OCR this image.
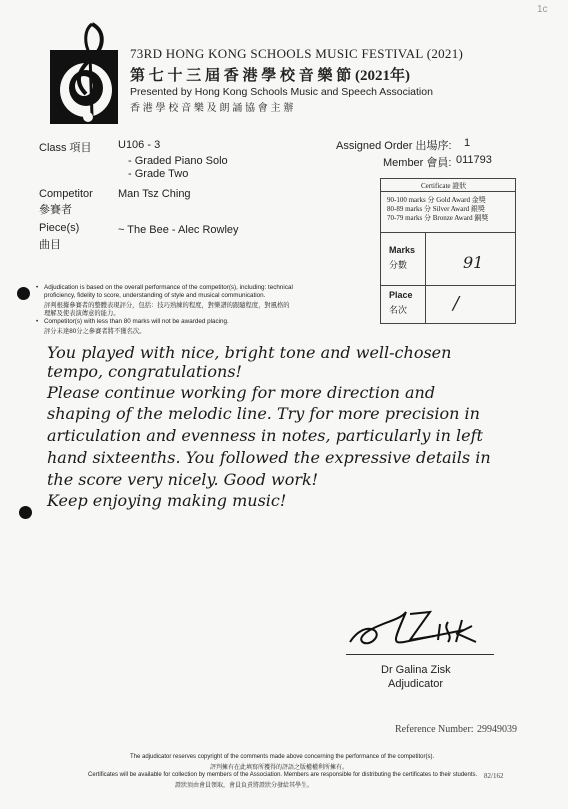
1c
73RD HONG KONG SCHOOLS MUSIC FESTIVAL (2021)
第 七 十 三 屆 香 港 學 校 音 樂 節 (2021年)
Presented by Hong Kong Schools Music and Speech Association
香 港 學 校 音 樂 及 朗 誦 協 會 主 辦
Class 項目 U106 - 3
- Graded Piano Solo
- Grade Two
Competitor
參賽者
Man Tsz Ching
Piece(s)
曲目
~ The Bee - Alec Rowley
Assigned Order 出場序: 1
Member 會員: 011793
Certificate 證狀
90-100 marks 分 Gold Award 金獎
80-89 marks 分 Silver Award 銀獎
70-79 marks 分 Bronze Award 銅獎
Marks
分數	91
Place
名次	/
• Adjudication is based on the overall performance of the competitor(s), including: technical
proficiency, fidelity to score, understanding of style and musical communication.
評判根據參賽者的整體表現評分，包括：技巧熟練的程度，對樂譜的跟隨程度，對風格的
理解及使表演傳意的能力。
• Competitor(s) with less than 80 marks will not be awarded placing.
評分未達80分之參賽者將不獲名次。
You played with nice, bright tone and well-chosen
tempo, congratulations!
Please continue working for more direction and
shaping of the melodic line. Try for more precision in
articulation and evenness in notes, particularly in left
hand sixteenths. You followed the expressive details in
the score very nicely. Good work!
Keep enjoying making music!
Dr Galina Zisk
Adjudicator
Reference Number: 29949039
The adjudicator reserves copyright of the comments made above concerning the performance of the competitor(s).
評判擁有在此填寫所獲得的評語之版權權利所擁有。
Certificates will be available for collection by members of the Association. Members are responsible for distributing the certificates to their students.
證狀須由會員領取，會員負責將證狀分發給其學生。
82/162
